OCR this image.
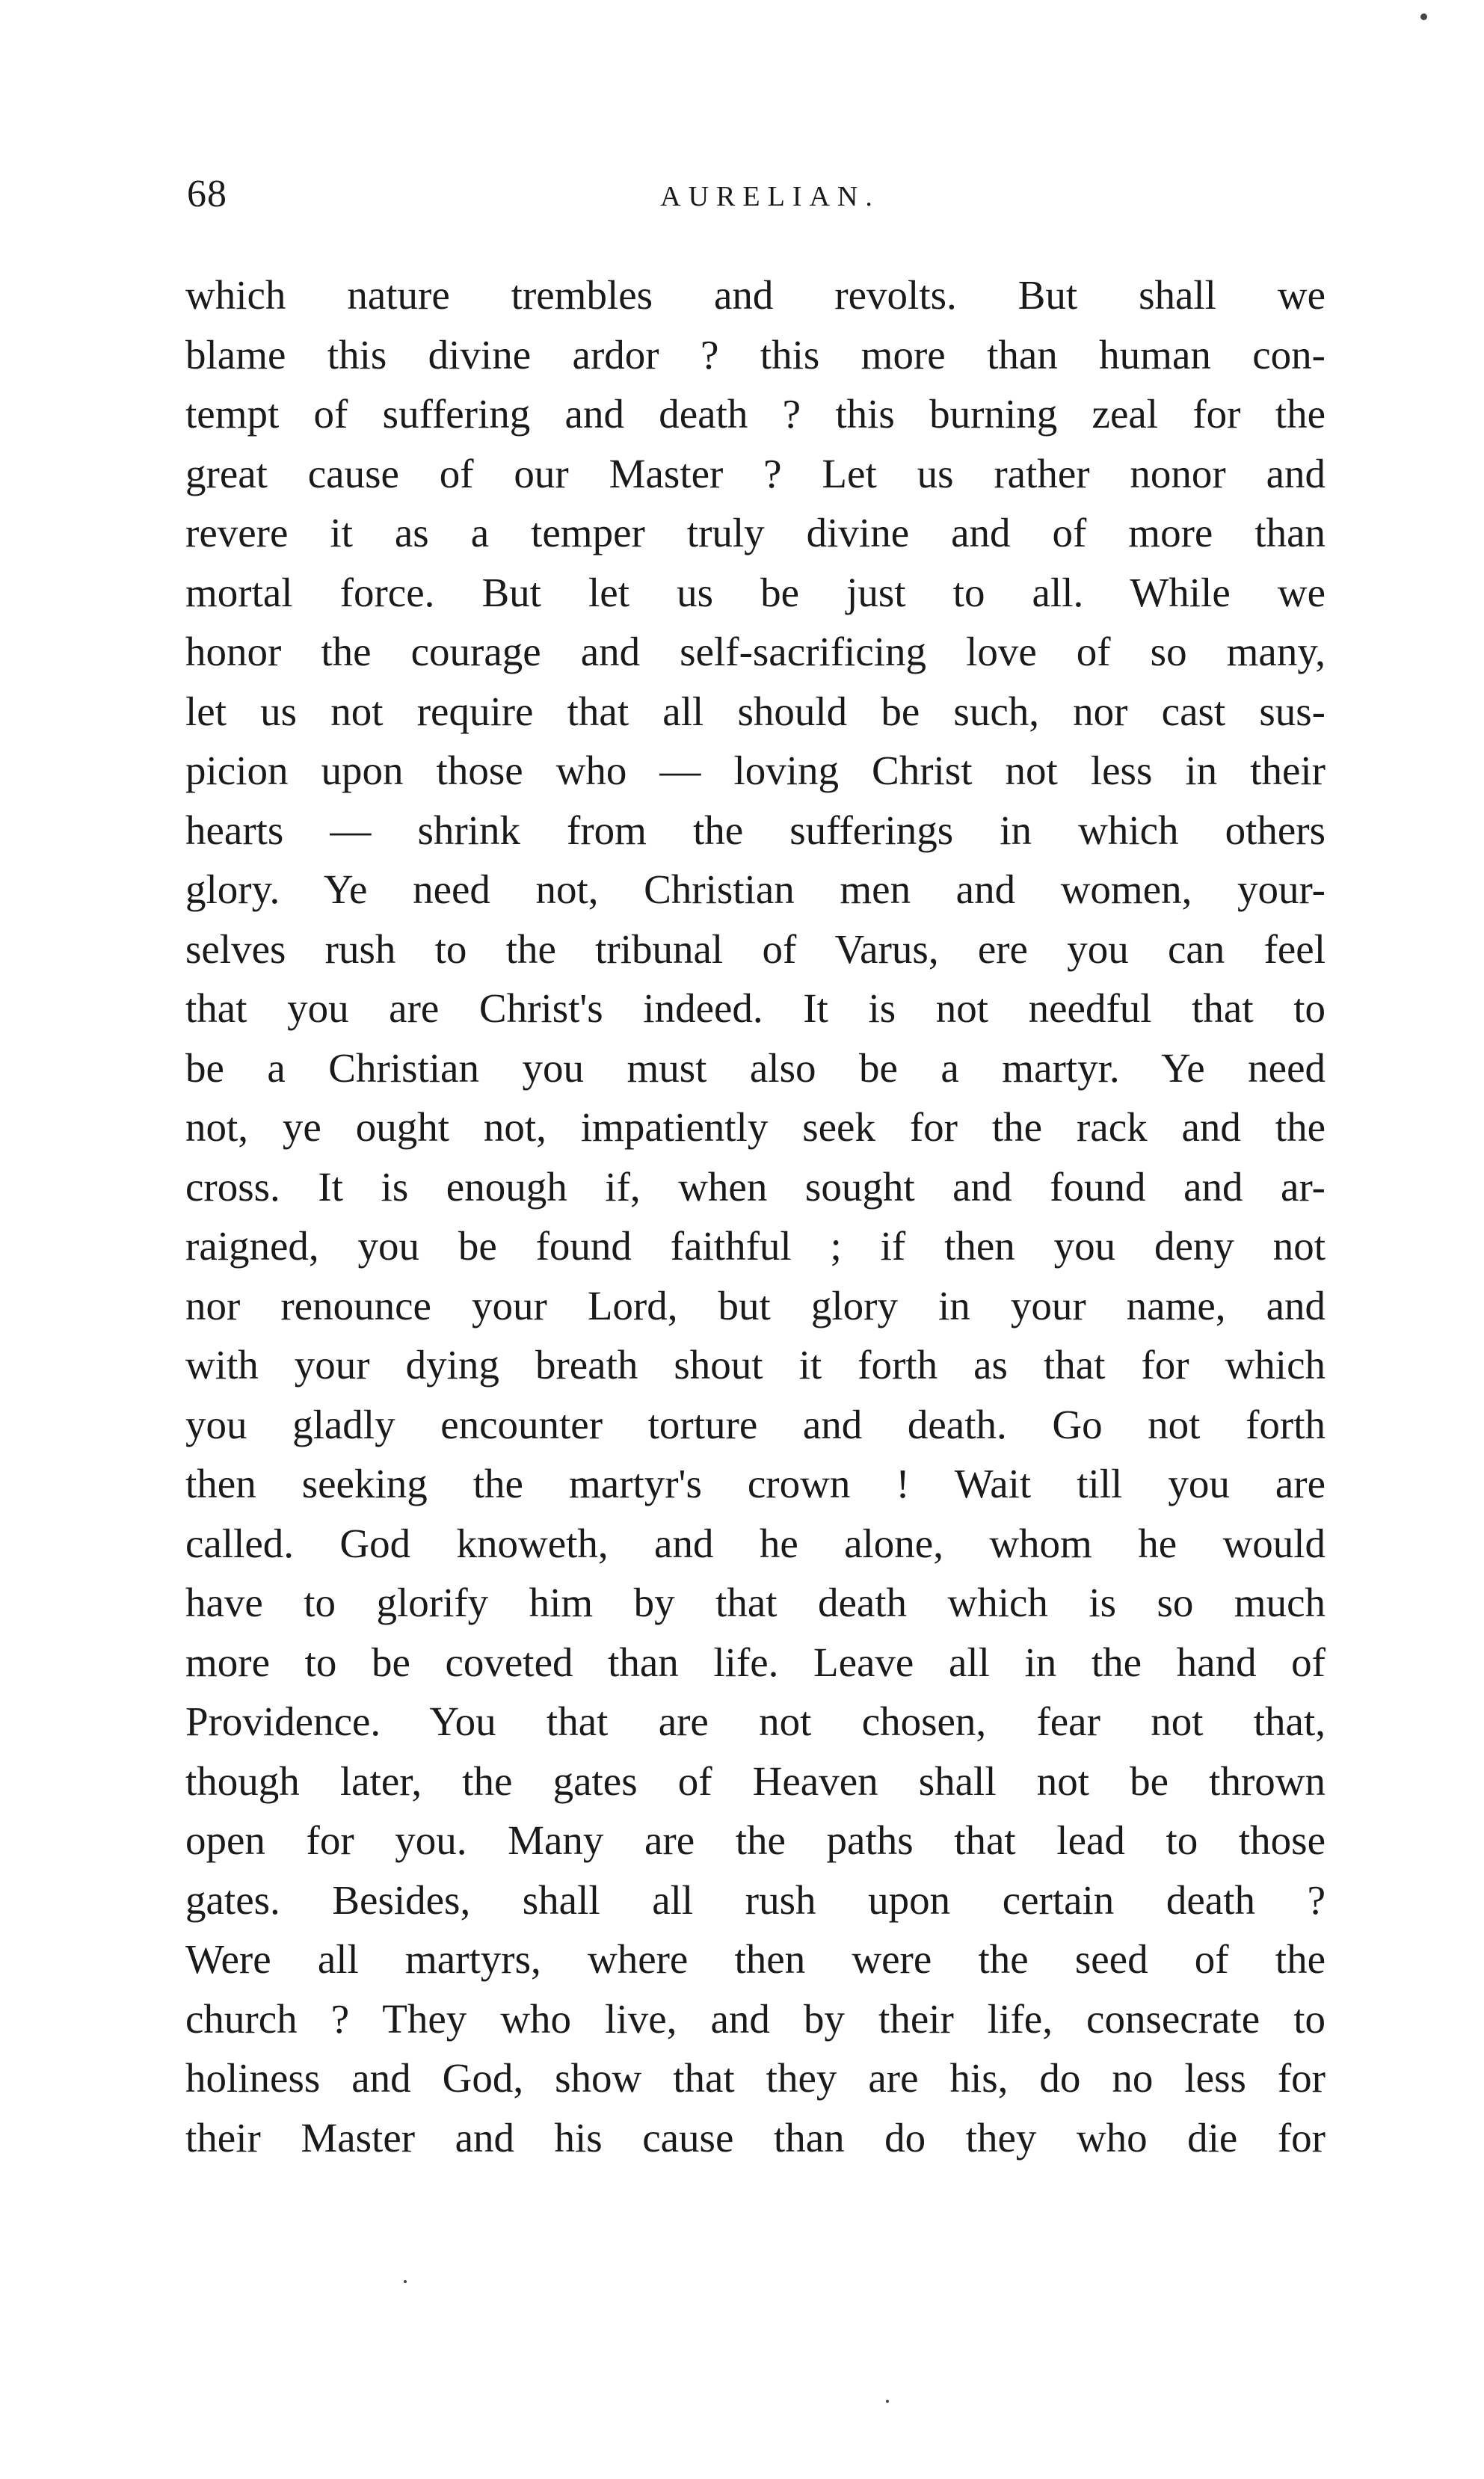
68	AURELIAN.
which nature trembles and revolts. But shall we
blame this divine ardor ? this more than human con-
tempt of suffering and death ? this burning zeal for the
great cause of our Master ? Let us rather nonor and
revere it as a temper truly divine and of more than
mortal force. But let us be just to all. While we
honor the courage and self-sacrificing love of so many,
let us not require that all should be such, nor cast sus-
picion upon those who — loving Christ not less in their
hearts — shrink from the sufferings in which others
glory. Ye need not, Christian men and women, your-
selves rush to the tribunal of Varus, ere you can feel
that you are Christ's indeed. It is not needful that to
be a Christian you must also be a martyr. Ye need
not, ye ought not, impatiently seek for the rack and the
cross. It is enough if, when sought and found and ar-
raigned, you be found faithful ; if then you deny not
nor renounce your Lord, but glory in your name, and
with your dying breath shout it forth as that for which
you gladly encounter torture and death. Go not forth
then seeking the martyr's crown ! Wait till you are
called. God knoweth, and he alone, whom he would
have to glorify him by that death which is so much
more to be coveted than life. Leave all in the hand of
Providence. You that are not chosen, fear not that,
though later, the gates of Heaven shall not be thrown
open for you. Many are the paths that lead to those
gates. Besides, shall all rush upon certain death ?
Were all martyrs, where then were the seed of the
church ? They who live, and by their life, consecrate to
holiness and God, show that they are his, do no less for
their Master and his cause than do they who die for
